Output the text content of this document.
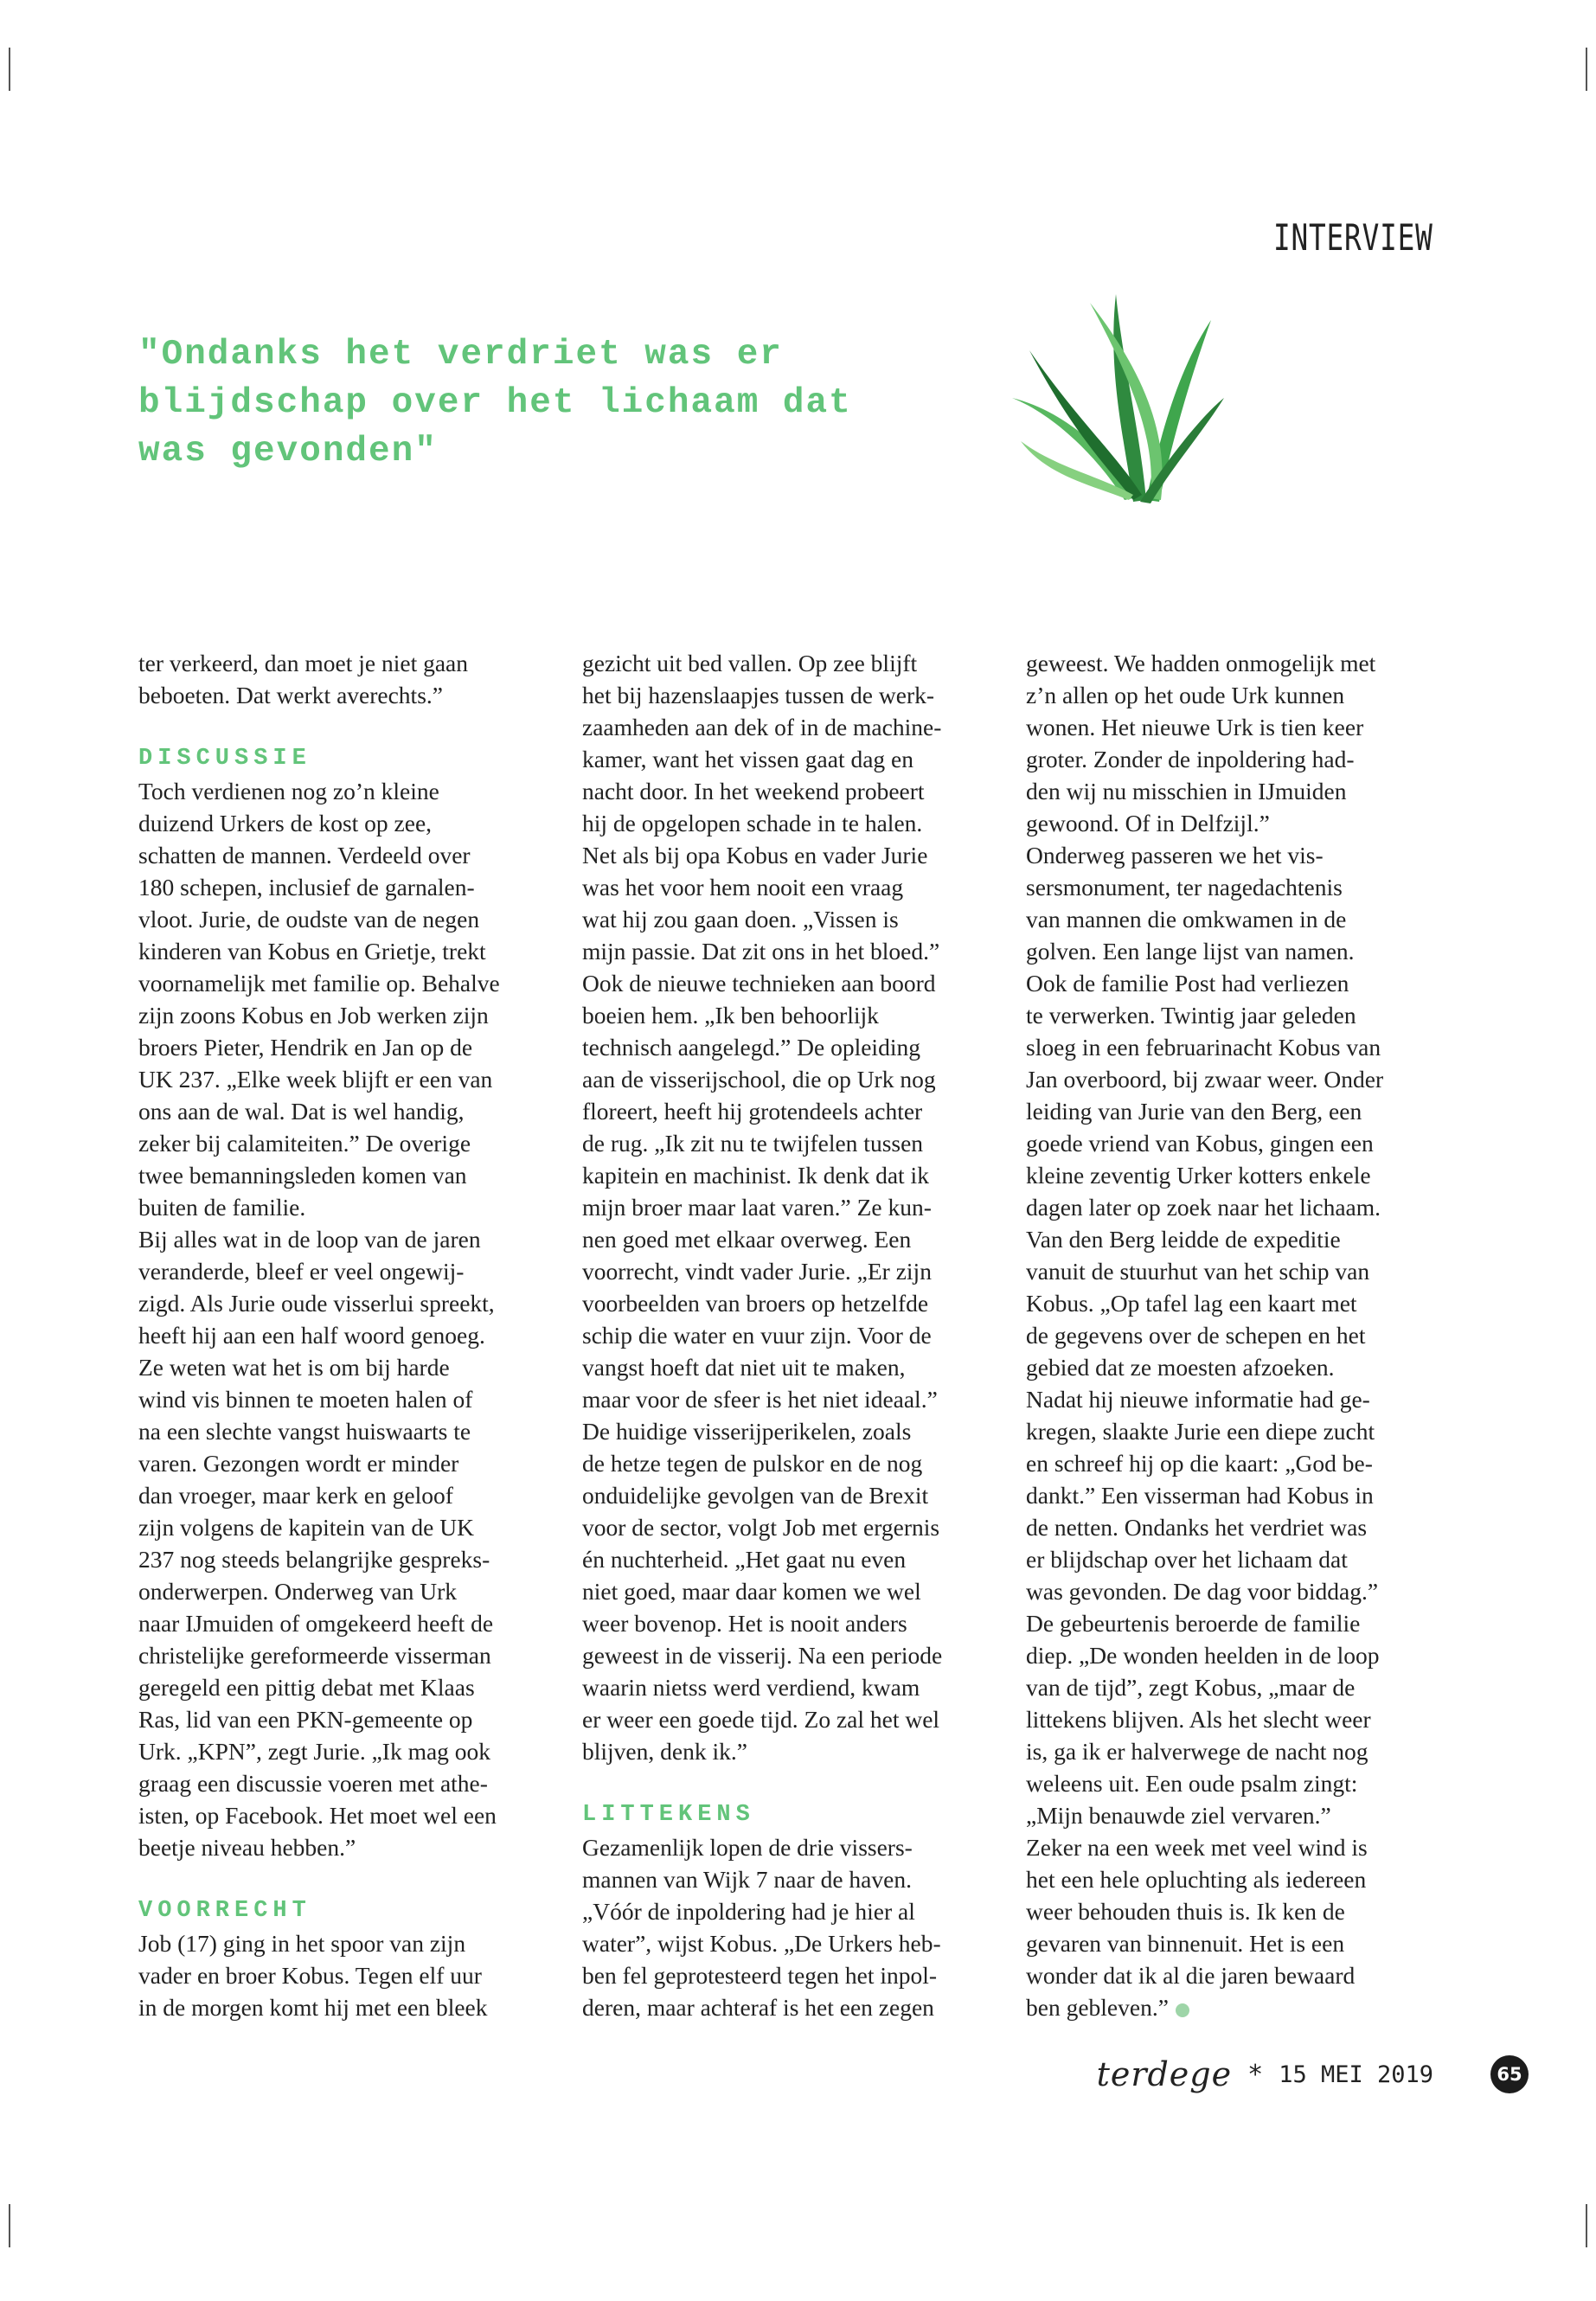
INTERVIEW
"Ondanks het verdriet was er
blijdschap over het lichaam dat
was gevonden"
ter verkeerd, dan moet je niet gaan
beboeten. Dat werkt averechts.”
DISCUSSIE
Toch verdienen nog zo’n kleine
duizend Urkers de kost op zee,
schatten de mannen. Verdeeld over
180 schepen, inclusief de garnalen-
vloot. Jurie, de oudste van de negen
kinderen van Kobus en Grietje, trekt
voornamelijk met familie op. Behalve
zijn zoons Kobus en Job werken zijn
broers Pieter, Hendrik en Jan op de
UK 237. „Elke week blijft er een van
ons aan de wal. Dat is wel handig,
zeker bij calamiteiten.” De overige
twee bemanningsleden komen van
buiten de familie.
Bij alles wat in de loop van de jaren
veranderde, bleef er veel ongewij-
zigd. Als Jurie oude visserlui spreekt,
heeft hij aan een half woord genoeg.
Ze weten wat het is om bij harde
wind vis binnen te moeten halen of
na een slechte vangst huiswaarts te
varen. Gezongen wordt er minder
dan vroeger, maar kerk en geloof
zijn volgens de kapitein van de UK
237 nog steeds belangrijke gespreks-
onderwerpen. Onderweg van Urk
naar IJmuiden of omgekeerd heeft de
christelijke gereformeerde visserman
geregeld een pittig debat met Klaas
Ras, lid van een PKN-gemeente op
Urk. „KPN”, zegt Jurie. „Ik mag ook
graag een discussie voeren met athe-
isten, op Facebook. Het moet wel een
beetje niveau hebben.”
VOORRECHT
Job (17) ging in het spoor van zijn
vader en broer Kobus. Tegen elf uur
in de morgen komt hij met een bleek
gezicht uit bed vallen. Op zee blijft
het bij hazenslaapjes tussen de werk-
zaamheden aan dek of in de machine-
kamer, want het vissen gaat dag en
nacht door. In het weekend probeert
hij de opgelopen schade in te halen.
Net als bij opa Kobus en vader Jurie
was het voor hem nooit een vraag
wat hij zou gaan doen. „Vissen is
mijn passie. Dat zit ons in het bloed.”
Ook de nieuwe technieken aan boord
boeien hem. „Ik ben behoorlijk
technisch aangelegd.” De opleiding
aan de visserijschool, die op Urk nog
floreert, heeft hij grotendeels achter
de rug. „Ik zit nu te twijfelen tussen
kapitein en machinist. Ik denk dat ik
mijn broer maar laat varen.” Ze kun-
nen goed met elkaar overweg. Een
voorrecht, vindt vader Jurie. „Er zijn
voorbeelden van broers op hetzelfde
schip die water en vuur zijn. Voor de
vangst hoeft dat niet uit te maken,
maar voor de sfeer is het niet ideaal.”
De huidige visserijperikelen, zoals
de hetze tegen de pulskor en de nog
onduidelijke gevolgen van de Brexit
voor de sector, volgt Job met ergernis
én nuchterheid. „Het gaat nu even
niet goed, maar daar komen we wel
weer bovenop. Het is nooit anders
geweest in de visserij. Na een periode
waarin nietss werd verdiend, kwam
er weer een goede tijd. Zo zal het wel
blijven, denk ik.”
LITTEKENS
Gezamenlijk lopen de drie vissers-
mannen van Wijk 7 naar de haven.
„Vóór de inpoldering had je hier al
water”, wijst Kobus. „De Urkers heb-
ben fel geprotesteerd tegen het inpol-
deren, maar achteraf is het een zegen
geweest. We hadden onmogelijk met
z’n allen op het oude Urk kunnen
wonen. Het nieuwe Urk is tien keer
groter. Zonder de inpoldering had-
den wij nu misschien in IJmuiden
gewoond. Of in Delfzijl.”
Onderweg passeren we het vis-
sersmonument, ter nagedachtenis
van mannen die omkwamen in de
golven. Een lange lijst van namen.
Ook de familie Post had verliezen
te verwerken. Twintig jaar geleden
sloeg in een februarinacht Kobus van
Jan overboord, bij zwaar weer. Onder
leiding van Jurie van den Berg, een
goede vriend van Kobus, gingen een
kleine zeventig Urker kotters enkele
dagen later op zoek naar het lichaam.
Van den Berg leidde de expeditie
vanuit de stuurhut van het schip van
Kobus. „Op tafel lag een kaart met
de gegevens over de schepen en het
gebied dat ze moesten afzoeken.
Nadat hij nieuwe informatie had ge-
kregen, slaakte Jurie een diepe zucht
en schreef hij op die kaart: „God be-
dankt.” Een visserman had Kobus in
de netten. Ondanks het verdriet was
er blijdschap over het lichaam dat
was gevonden. De dag voor biddag.”
De gebeurtenis beroerde de familie
diep. „De wonden heelden in de loop
van de tijd”, zegt Kobus, „maar de
littekens blijven. Als het slecht weer
is, ga ik er halverwege de nacht nog
weleens uit. Een oude psalm zingt:
„Mijn benauwde ziel vervaren.”
Zeker na een week met veel wind is
het een hele opluchting als iedereen
weer behouden thuis is. Ik ken de
gevaren van binnenuit. Het is een
wonder dat ik al die jaren bewaard
ben gebleven.”
terdege * 15 MEI 2019	65
